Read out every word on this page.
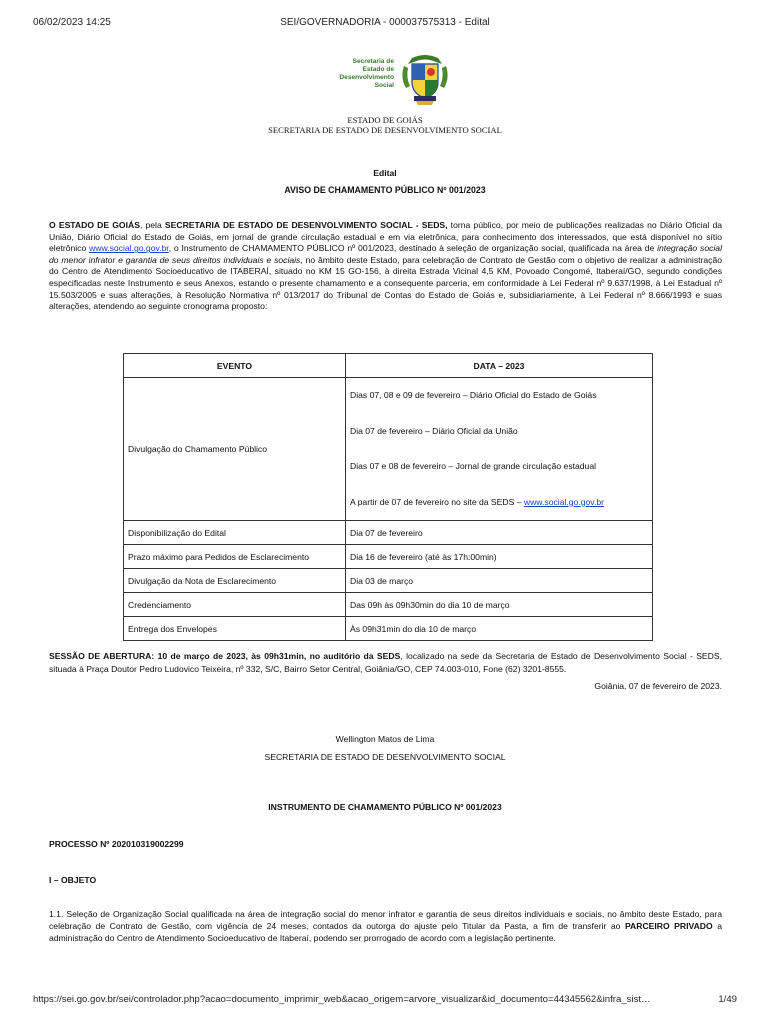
06/02/2023 14:25	SEI/GOVERNADORIA - 000037575313 - Edital
Secretaria de
Estado de
Desenvolvimento
Social
ESTADO DE GOIÁS
SECRETARIA DE ESTADO DE DESENVOLVIMENTO SOCIAL
Edital
AVISO DE CHAMAMENTO PÚBLICO Nº 001/2023

O ESTADO DE GOIÁS, pela SECRETARIA DE ESTADO DE DESENVOLVIMENTO SOCIAL - SEDS, torna público, por meio de publicações realizadas no Diário Oficial da União, Diário Oficial do Estado de Goiás, em jornal de grande circulação estadual e em via eletrônica, para conhecimento dos interessados, que está disponível no sítio eletrônico www.social.go.gov.br, o Instrumento de CHAMAMENTO PÚBLICO nº 001/2023, destinado à seleção de organização social, qualificada na área de integração social do menor infrator e garantia de seus direitos individuais e sociais, no âmbito deste Estado, para celebração de Contrato de Gestão com o objetivo de realizar a administração do Centro de Atendimento Socioeducativo de ITABERAÍ, situado no KM 15 GO-156, à direita Estrada Vicinal 4,5 KM, Povoado Congomé, Itaberaí/GO, segundo condições especificadas neste Instrumento e seus Anexos, estando o presente chamamento e a consequente parceria, em conformidade à Lei Federal nº 9.637/1998, à Lei Estadual nº 15.503/2005 e suas alterações, à Resolução Normativa nº 013/2017 do Tribunal de Contas do Estado de Goiás e, subsidiariamente, à Lei Federal nº 8.666/1993 e suas alterações, atendendo ao seguinte cronograma proposto:

EVENTO	DATA – 2023
Divulgação do Chamamento Público	Dias 07, 08 e 09 de fevereiro – Diário Oficial do Estado de Goiás
Dia 07 de fevereiro – Diário Oficial da União
Dias 07 e 08 de fevereiro – Jornal de grande circulação estadual
A partir de 07 de fevereiro no site da SEDS – www.social.go.gov.br

Disponibilização do Edital	Dia 07 de fevereiro
Prazo máximo para Pedidos de Esclarecimento	Dia 16 de fevereiro (até às 17h:00min)
Divulgação da Nota de Esclarecimento	Dia 03 de março
Credenciamento	Das 09h às 09h30min do dia 10 de março
Entrega dos Envelopes	Às 09h31min do dia 10 de março

SESSÃO DE ABERTURA: 10 de março de 2023, às 09h31min, no auditório da SEDS, localizado na sede da Secretaria de Estado de Desenvolvimento Social - SEDS, situada à Praça Doutor Pedro Ludovico Teixeira, nº 332, S/C, Bairro Setor Central, Goiânia/GO, CEP 74.003-010, Fone (62) 3201-8555.

Goiânia, 07 de fevereiro de 2023.
Wellington Matos de Lima
SECRETARIA DE ESTADO DE DESENVOLVIMENTO SOCIAL
INSTRUMENTO DE CHAMAMENTO PÚBLICO Nº 001/2023
PROCESSO Nº 202010319002299
I – OBJETO

1.1. Seleção de Organização Social qualificada na área de integração social do menor infrator e garantia de seus direitos individuais e sociais, no âmbito deste Estado, para celebração de Contrato de Gestão, com vigência de 24 meses, contados da outorga do ajuste pelo Titular da Pasta, a fim de transferir ao PARCEIRO PRIVADO a administração do Centro de Atendimento Socioeducativo de Itaberaí, podendo ser prorrogado de acordo com a legislação pertinente.

https://sei.go.gov.br/sei/controlador.php?acao=documento_imprimir_web&acao_origem=arvore_visualizar&id_documento=44345562&infra_sist…	1/49
